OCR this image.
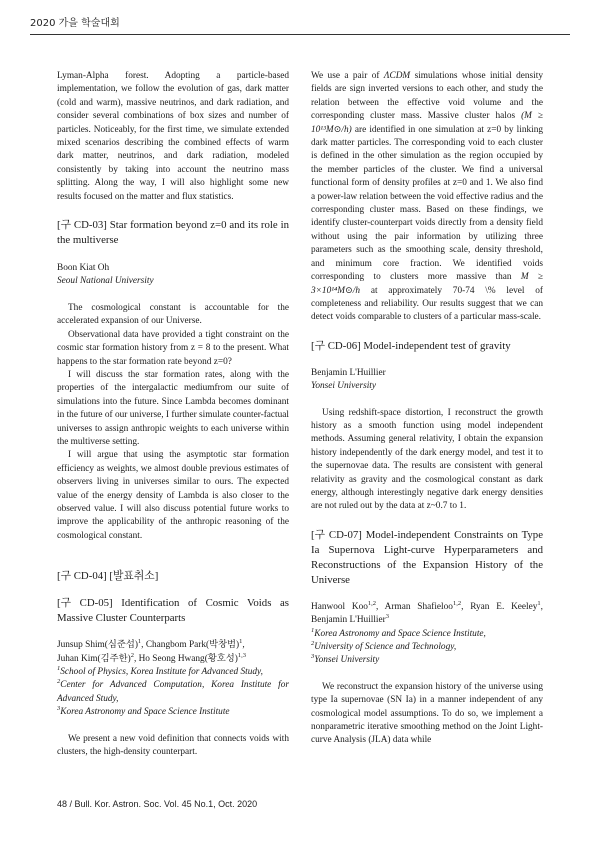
2020 가을 학술대회

Lyman-Alpha forest. Adopting a particle-based implementation, we follow the evolution of gas, dark matter (cold and warm), massive neutrinos, and dark radiation, and consider several combinations of box sizes and number of particles. Noticeably, for the first time, we simulate extended mixed scenarios describing the combined effects of warm dark matter, neutrinos, and dark radiation, modeled consistently by taking into account the neutrino mass splitting. Along the way, I will also highlight some new results focused on the matter and flux statistics.

[구 CD-03] Star formation beyond z=0 and its role in the multiverse

Boon Kiat Oh

Seoul National University

The cosmological constant is accountable for the accelerated expansion of our Universe.

Observational data have provided a tight constraint on the cosmic star formation history from z = 8 to the present. What happens to the star formation rate beyond z=0?

I will discuss the star formation rates, along with the properties of the intergalactic mediumfrom our suite of simulations into the future. Since Lambda becomes dominant in the future of our universe, I further simulate counter-factual universes to assign anthropic weights to each universe within the multiverse setting.

I will argue that using the asymptotic star formation efficiency as weights, we almost double previous estimates of observers living in universes similar to ours. The expected value of the energy density of Lambda is also closer to the observed value. I will also discuss potential future works to improve the applicability of the anthropic reasoning of the cosmological constant.

[구 CD-04] [발표취소]

[구 CD-05] Identification of Cosmic Voids as Massive Cluster Counterparts

Junsup Shim(심준섭)$^1$, Changbom Park(박창범)$^1$,

Juhan Kim(김주한)$^2$, Ho Seong Hwang(황호성)$^{1,3}$

$^1$School of Physics, Korea Institute for Advanced Study,

$^2$Center for Advanced Computation, Korea Institute for Advanced Study,

$^3$Korea Astronomy and Space Science Institute

We present a new void definition that connects voids with clusters, the high-density counterpart.

We use a pair of ΛCDM simulations whose initial density fields are sign inverted versions to each other, and study the relation between the effective void volume and the corresponding cluster mass. Massive cluster halos (M ≥ 10¹³M⊙/h) are identified in one simulation at z=0 by linking dark matter particles. The corresponding void to each cluster is defined in the other simulation as the region occupied by the member particles of the cluster. We find a universal functional form of density profiles at z=0 and 1. We also find a power-law relation between the void effective radius and the corresponding cluster mass. Based on these findings, we identify cluster-counterpart voids directly from a density field without using the pair information by utilizing three parameters such as the smoothing scale, density threshold, and minimum core fraction. We identified voids corresponding to clusters more massive than M ≥ 3×10¹⁴M⊙/h at approximately 70-74 \% level of completeness and reliability. Our results suggest that we can detect voids comparable to clusters of a particular mass-scale.

[구 CD-06] Model-independent test of gravity

Benjamin L'Huillier

Yonsei University

Using redshift-space distortion, I reconstruct the growth history as a smooth function using model independent methods. Assuming general relativity, I obtain the expansion history independently of the dark energy model, and test it to the supernovae data. The results are consistent with general relativity as gravity and the cosmological constant as dark energy, although interestingly negative dark energy densities are not ruled out by the data at z~0.7 to 1.

[구 CD-07] Model-independent Constraints on Type Ia Supernova Light-curve Hyperparameters and Reconstructions of the Expansion History of the Universe

Hanwool Koo$^{1,2}$, Arman Shafieloo$^{1,2}$, Ryan E. Keeley$^1$, Benjamin L'Huillier$^3$

$^1$Korea Astronomy and Space Science Institute,

$^2$University of Science and Technology,

$^3$Yonsei University

We reconstruct the expansion history of the universe using type Ia supernovae (SN Ia) in a manner independent of any cosmological model assumptions. To do so, we implement a nonparametric iterative smoothing method on the Joint Light-curve Analysis (JLA) data while

48 / Bull. Kor. Astron. Soc. Vol. 45 No.1, Oct. 2020
